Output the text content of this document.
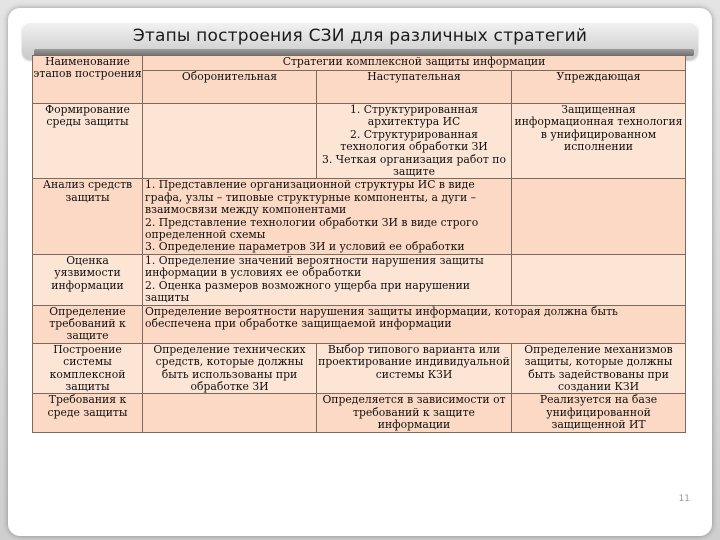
Этапы построения СЗИ для различных стратегий
Наименование этапов построения	Стратегии комплексной защиты информации		
	Оборонительная	Наступательная	Упреждающая
Формирование среды защиты		1. Структурированная архитектура ИС
2. Структурированная технология обработки ЗИ
3. Четкая организация работ по защите	Защищенная информационная технология в унифицированном исполнении
Анализ средств защиты	1. Представление организационной структуры ИС в виде графа, узлы – типовые структурные компоненты, а дуги – взаимосвязи между компонентами
2. Представление технологии обработки ЗИ в виде строго определенной схемы
3. Определение параметров ЗИ и условий ее обработки		

Оценка уязвимости информации	1. Определение значений вероятности нарушения защиты информации в условиях ее обработки
2. Оценка размеров возможного ущерба при нарушении защиты		

Определение требований к защите	Определение вероятности нарушения защиты информации, которая должна быть обеспечена при обработке защищаемой информации		
Построение системы комплексной защиты	Определение технических средств, которые должны быть использованы при обработке ЗИ	Выбор типового варианта или проектирование индивидуальной системы КЗИ	Определение механизмов защиты, которые должны быть задействованы при создании КЗИ
Требования к среде защиты		Определяется в зависимости от требований к защите информации	Реализуется на базе унифицированной защищенной ИТ
11
